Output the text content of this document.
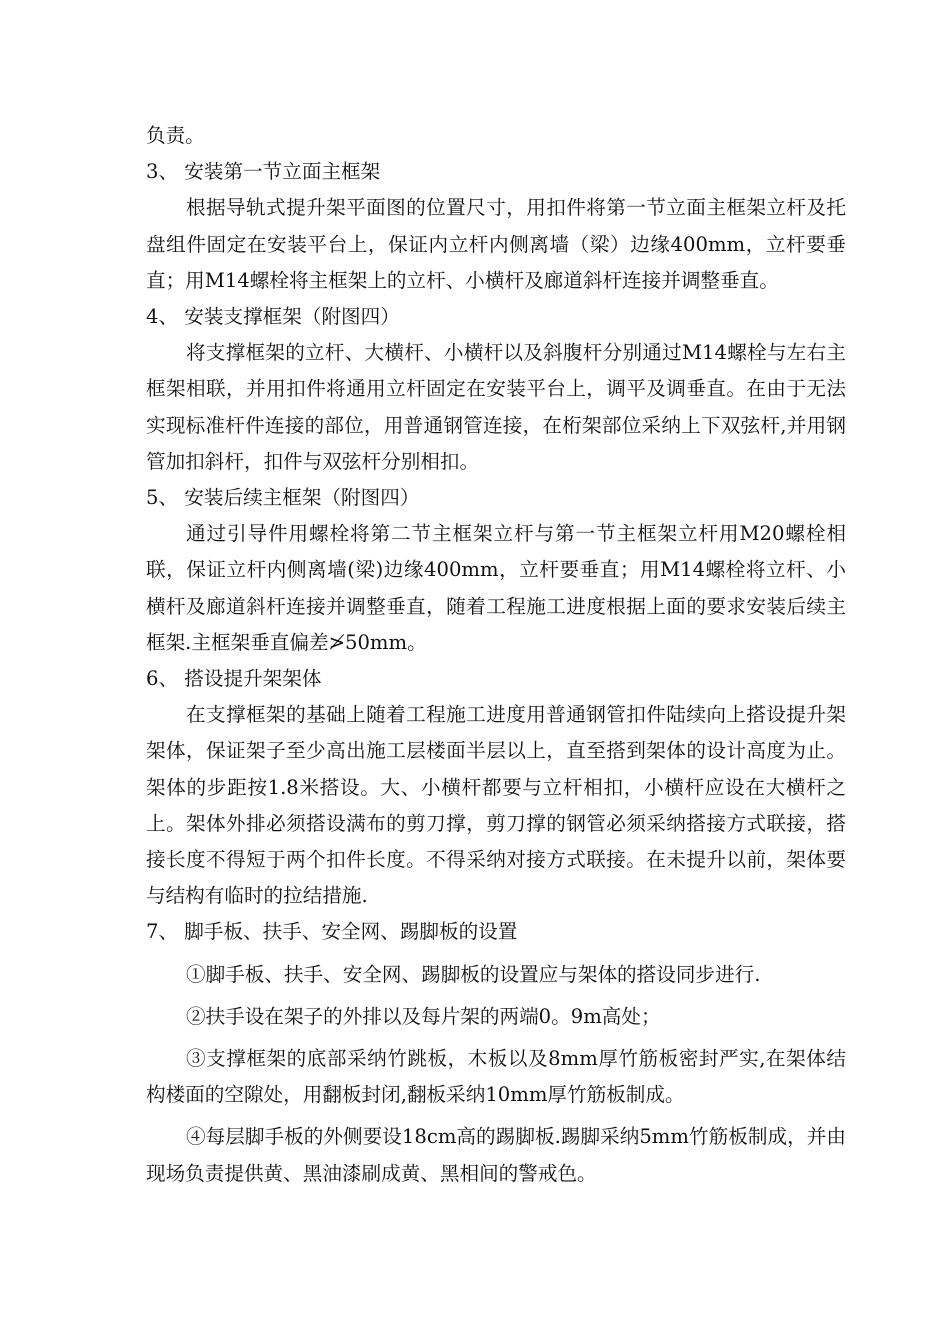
负责。

3、 安装第一节立面主框架

根据导轨式提升架平面图的位置尺寸，用扣件将第一节立面主框架立杆及托盘组件固定在安装平台上，保证内立杆内侧离墙（梁）边缘400mm，立杆要垂直；用M14螺栓将主框架上的立杆、小横杆及廊道斜杆连接并调整垂直。

4、 安装支撑框架（附图四）

将支撑框架的立杆、大横杆、小横杆以及斜腹杆分别通过M14螺栓与左右主框架相联，并用扣件将通用立杆固定在安装平台上，调平及调垂直。在由于无法实现标准杆件连接的部位，用普通钢管连接，在桁架部位采纳上下双弦杆,并用钢管加扣斜杆，扣件与双弦杆分别相扣。

5、 安装后续主框架（附图四）

通过引导件用螺栓将第二节主框架立杆与第一节主框架立杆用M20螺栓相联，保证立杆内侧离墙(梁)边缘400mm，立杆要垂直；用M14螺栓将立杆、小横杆及廊道斜杆连接并调整垂直，随着工程施工进度根据上面的要求安装后续主框架.主框架垂直偏差≯50mm。

6、 搭设提升架架体

在支撑框架的基础上随着工程施工进度用普通钢管扣件陆续向上搭设提升架架体，保证架子至少高出施工层楼面半层以上，直至搭到架体的设计高度为止。架体的步距按1.8米搭设。大、小横杆都要与立杆相扣，小横杆应设在大横杆之上。架体外排必须搭设满布的剪刀撑，剪刀撑的钢管必须采纳搭接方式联接，搭接长度不得短于两个扣件长度。不得采纳对接方式联接。在未提升以前，架体要与结构有临时的拉结措施.

7、 脚手板、扶手、安全网、踢脚板的设置

①脚手板、扶手、安全网、踢脚板的设置应与架体的搭设同步进行.

②扶手设在架子的外排以及每片架的两端0。9m高处；

③支撑框架的底部采纳竹跳板，木板以及8mm厚竹筋板密封严实,在架体结构楼面的空隙处，用翻板封闭,翻板采纳10mm厚竹筋板制成。

④每层脚手板的外侧要设18cm高的踢脚板.踢脚采纳5mm竹筋板制成，并由现场负责提供黄、黑油漆刷成黄、黑相间的警戒色。
